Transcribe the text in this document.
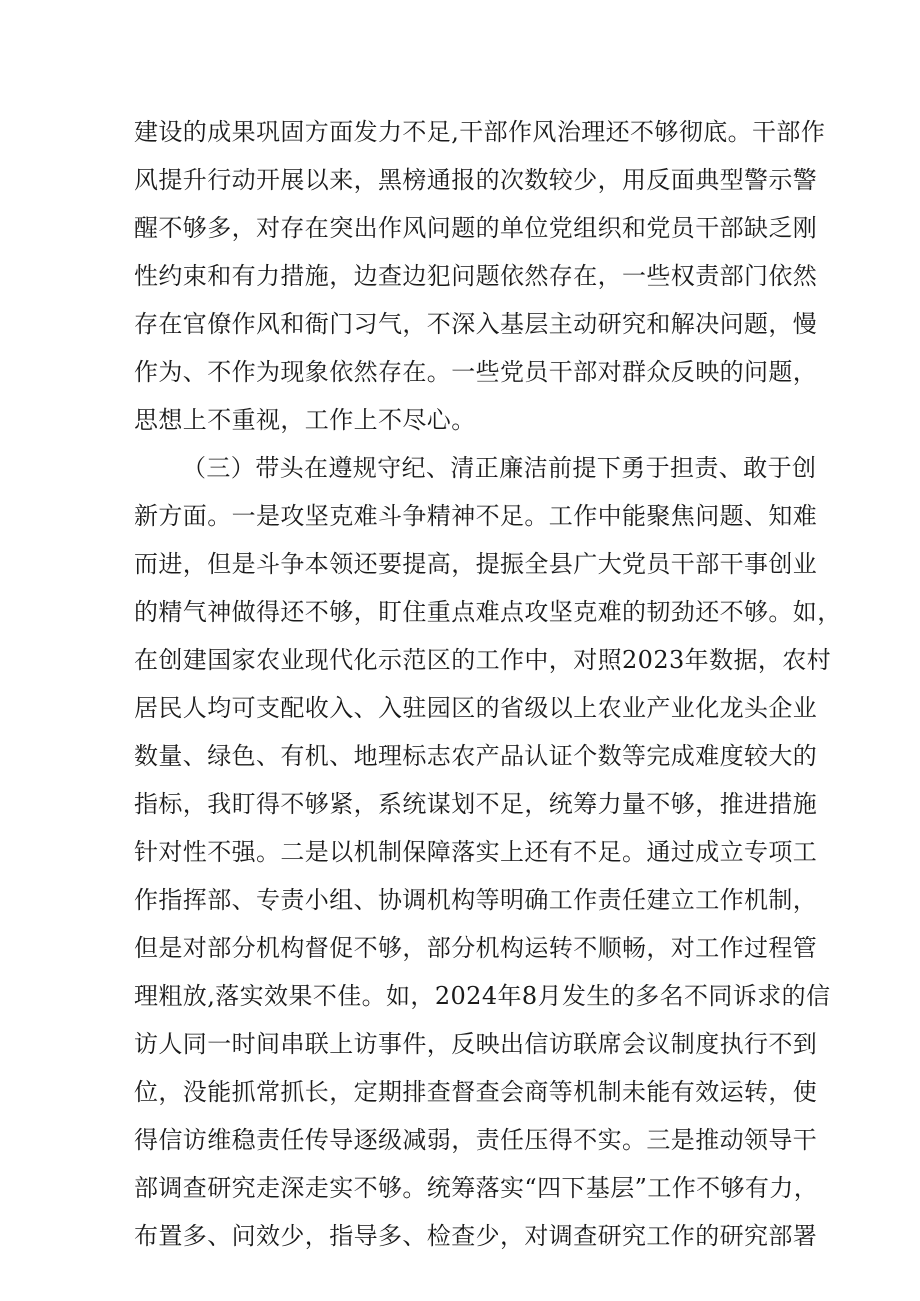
建设的成果巩固方面发力不足,干部作风治理还不够彻底。干部作
风提升行动开展以来，黑榜通报的次数较少，用反面典型警示警
醒不够多，对存在突出作风问题的单位党组织和党员干部缺乏刚
性约束和有力措施，边查边犯问题依然存在，一些权责部门依然
存在官僚作风和衙门习气，不深入基层主动研究和解决问题，慢
作为、不作为现象依然存在。一些党员干部对群众反映的问题，
思想上不重视，工作上不尽心。
（三）带头在遵规守纪、清正廉洁前提下勇于担责、敢于创
新方面。一是攻坚克难斗争精神不足。工作中能聚焦问题、知难
而进，但是斗争本领还要提高，提振全县广大党员干部干事创业
的精气神做得还不够，盯住重点难点攻坚克难的韧劲还不够。如，
在创建国家农业现代化示范区的工作中，对照2023年数据，农村
居民人均可支配收入、入驻园区的省级以上农业产业化龙头企业
数量、绿色、有机、地理标志农产品认证个数等完成难度较大的
指标，我盯得不够紧，系统谋划不足，统筹力量不够，推进措施
针对性不强。二是以机制保障落实上还有不足。通过成立专项工
作指挥部、专责小组、协调机构等明确工作责任建立工作机制，
但是对部分机构督促不够，部分机构运转不顺畅，对工作过程管
理粗放,落实效果不佳。如，2024年8月发生的多名不同诉求的信
访人同一时间串联上访事件，反映出信访联席会议制度执行不到
位，没能抓常抓长，定期排查督查会商等机制未能有效运转，使
得信访维稳责任传导逐级减弱，责任压得不实。三是推动领导干
部调查研究走深走实不够。统筹落实“四下基层”工作不够有力，
布置多、问效少，指导多、检查少，对调查研究工作的研究部署
